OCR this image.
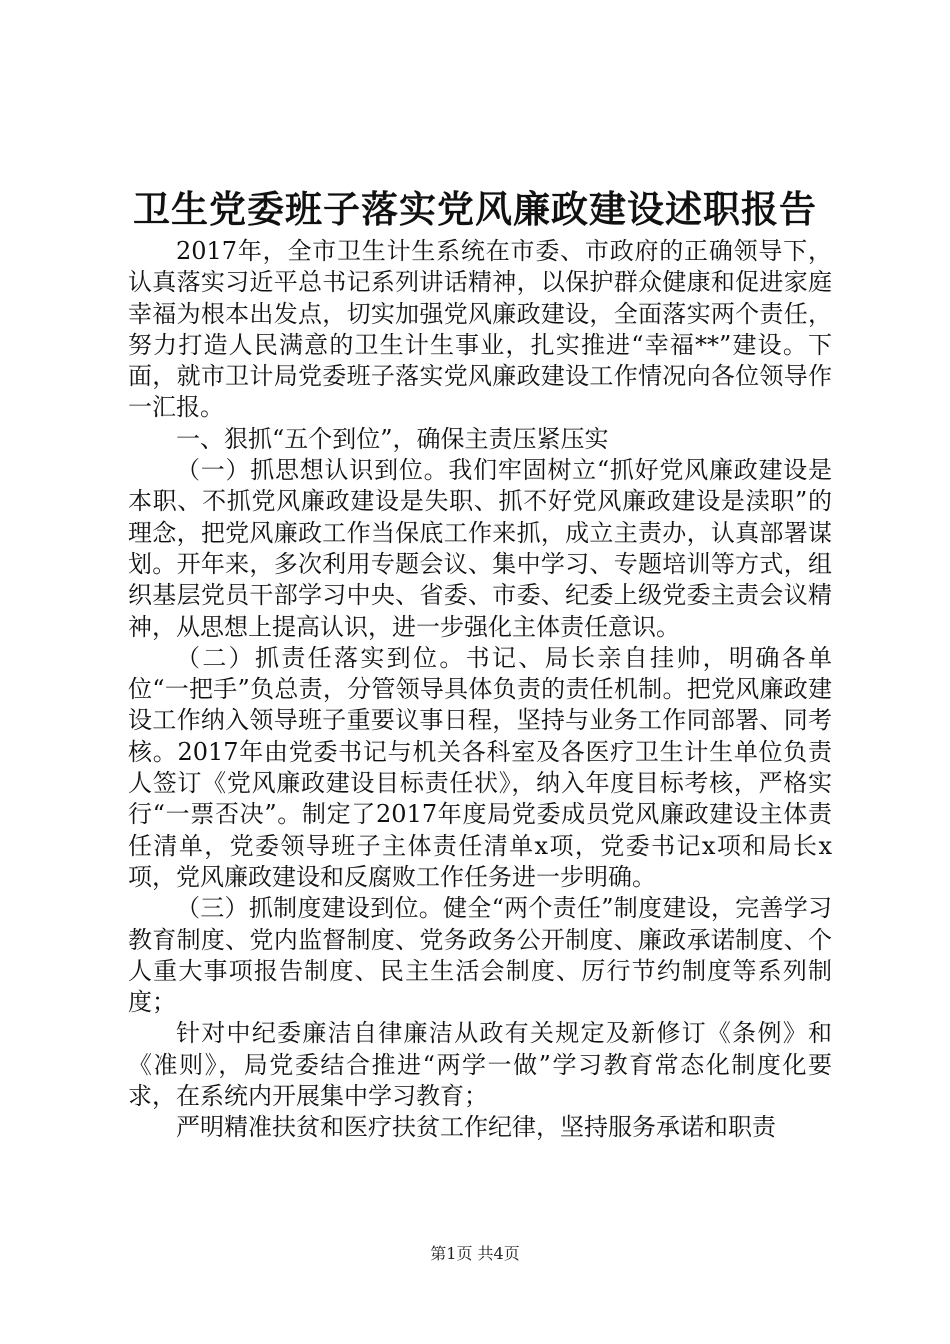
卫生党委班子落实党风廉政建设述职报告

2017年，全市卫生计生系统在市委、市政府的正确领导下，认真落实习近平总书记系列讲话精神，以保护群众健康和促进家庭幸福为根本出发点，切实加强党风廉政建设，全面落实两个责任，努力打造人民满意的卫生计生事业，扎实推进“幸福**”建设。下面，就市卫计局党委班子落实党风廉政建设工作情况向各位领导作一汇报。

一、狠抓“五个到位”，确保主责压紧压实

（一）抓思想认识到位。我们牢固树立“抓好党风廉政建设是本职、不抓党风廉政建设是失职、抓不好党风廉政建设是渎职”的理念，把党风廉政工作当保底工作来抓，成立主责办，认真部署谋划。开年来，多次利用专题会议、集中学习、专题培训等方式，组织基层党员干部学习中央、省委、市委、纪委上级党委主责会议精神，从思想上提高认识，进一步强化主体责任意识。

（二）抓责任落实到位。书记、局长亲自挂帅，明确各单位“一把手”负总责，分管领导具体负责的责任机制。把党风廉政建设工作纳入领导班子重要议事日程，坚持与业务工作同部署、同考核。2017年由党委书记与机关各科室及各医疗卫生计生单位负责人签订《党风廉政建设目标责任状》，纳入年度目标考核，严格实行“一票否决”。制定了2017年度局党委成员党风廉政建设主体责任清单，党委领导班子主体责任清单x项，党委书记x项和局长x项，党风廉政建设和反腐败工作任务进一步明确。

（三）抓制度建设到位。健全“两个责任”制度建设，完善学习教育制度、党内监督制度、党务政务公开制度、廉政承诺制度、个人重大事项报告制度、民主生活会制度、厉行节约制度等系列制度；

针对中纪委廉洁自律廉洁从政有关规定及新修订《条例》和《准则》，局党委结合推进“两学一做”学习教育常态化制度化要求，在系统内开展集中学习教育；

严明精准扶贫和医疗扶贫工作纪律，坚持服务承诺和职责

第1页 共4页
